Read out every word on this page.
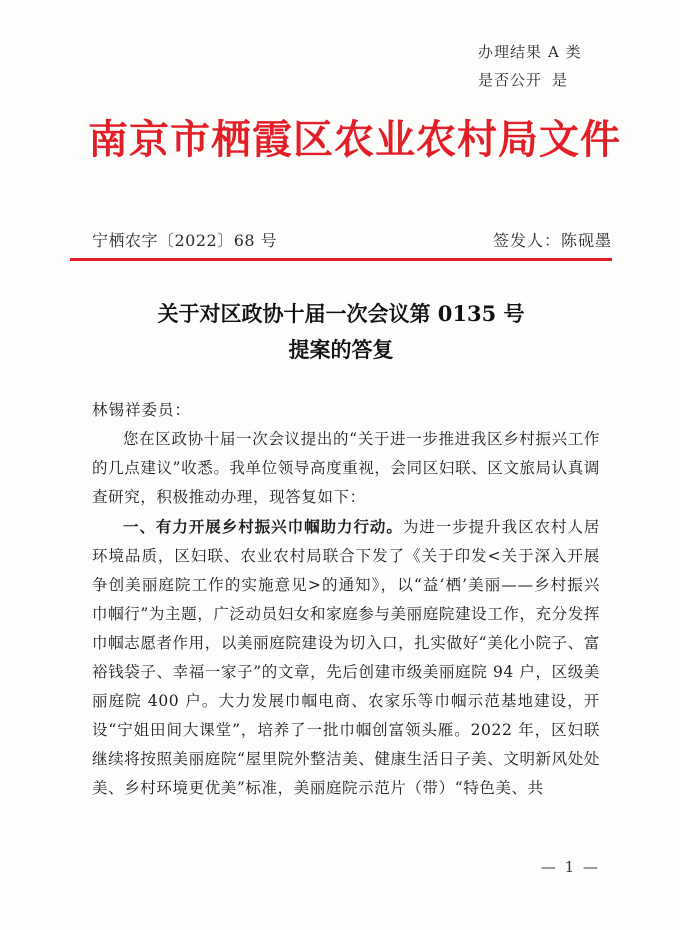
办理结果 A 类
是否公开 是
南京市栖霞区农业农村局文件
宁栖农字〔2022〕68 号	签发人：陈砚墨
关于对区政协十届一次会议第 0135 号
提案的答复

林锡祥委员：

您在区政协十届一次会议提出的“关于进一步推进我区乡村振兴工作的几点建议”收悉。我单位领导高度重视，会同区妇联、区文旅局认真调查研究，积极推动办理，现答复如下：

一、有力开展乡村振兴巾帼助力行动。为进一步提升我区农村人居环境品质，区妇联、农业农村局联合下发了《关于印发<关于深入开展争创美丽庭院工作的实施意见>的通知》，以“益‘栖’美丽——乡村振兴巾帼行”为主题，广泛动员妇女和家庭参与美丽庭院建设工作，充分发挥巾帼志愿者作用，以美丽庭院建设为切入口，扎实做好“美化小院子、富裕钱袋子、幸福一家子”的文章，先后创建市级美丽庭院 94 户，区级美丽庭院 400 户。大力发展巾帼电商、农家乐等巾帼示范基地建设，开设“宁姐田间大课堂”，培养了一批巾帼创富领头雁。2022 年，区妇联继续将按照美丽庭院“屋里院外整洁美、健康生活日子美、文明新风处处美、乡村环境更优美”标准，美丽庭院示范片（带）“特色美、共

— 1 —
